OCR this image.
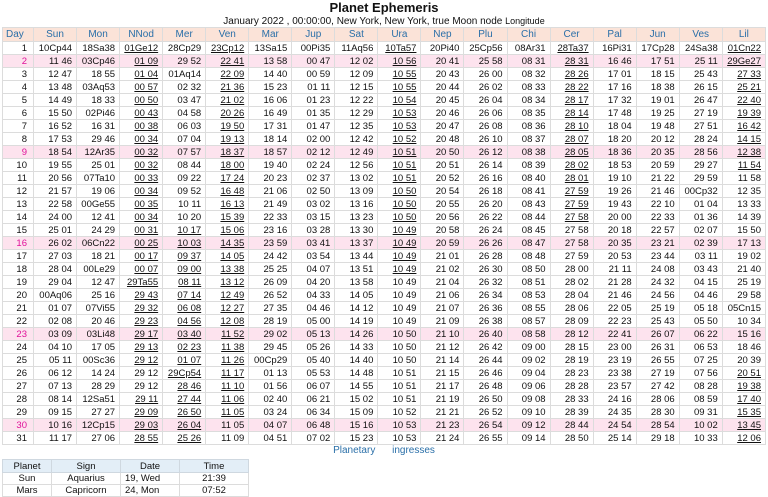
Planet Ephemeris
January 2022 , 00:00:00, New York, New York, true Moon node Longitude
Day	Sun	Mon	NNod	Mer	Ven	Mar	Jup	Sat	Ura	Nep	Plu	Chi	Cer	Pal	Jun	Ves	Lil
1	10Cp44	18Sa38	01Ge12	28Cp29	23Cp12	13Sa15	00Pi35	11Aq56	10Ta57	20Pi40	25Cp56	08Ar31	28Ta37	16Pi31	17Cp28	24Sa38	01Cn22
2	11 46	03Cp46	01 09	29 52	22 41	13 58	00 47	12 02	10 56	20 41	25 58	08 31	28 31	16 46	17 51	25 11	29Ge27
3	12 47	18 55	01 04	01Aq14	22 09	14 40	00 59	12 09	10 55	20 43	26 00	08 32	28 26	17 01	18 15	25 43	27 33
4	13 48	03Aq53	00 57	02 32	21 36	15 23	01 11	12 15	10 55	20 44	26 02	08 33	28 22	17 16	18 38	26 15	25 21
5	14 49	18 33	00 50	03 47	21 02	16 06	01 23	12 22	10 54	20 45	26 04	08 34	28 17	17 32	19 01	26 47	22 40
6	15 50	02Pi46	00 43	04 58	20 26	16 49	01 35	12 29	10 53	20 46	26 06	08 35	28 14	17 48	19 25	27 19	19 39
7	16 52	16 31	00 38	06 03	19 50	17 31	01 47	12 35	10 53	20 47	26 08	08 36	28 10	18 04	19 48	27 51	16 42
8	17 53	29 46	00 34	07 04	19 13	18 14	02 00	12 42	10 52	20 48	26 10	08 37	28 07	18 20	20 12	28 24	14 15
9	18 54	12Ar35	00 32	07 57	18 37	18 57	02 12	12 49	10 51	20 50	26 12	08 38	28 05	18 36	20 35	28 56	12 38
10	19 55	25 01	00 32	08 44	18 00	19 40	02 24	12 56	10 51	20 51	26 14	08 39	28 02	18 53	20 59	29 27	11 54
11	20 56	07Ta10	00 33	09 22	17 24	20 23	02 37	13 02	10 51	20 52	26 16	08 40	28 01	19 10	21 22	29 59	11 58
12	21 57	19 06	00 34	09 52	16 48	21 06	02 50	13 09	10 50	20 54	26 18	08 41	27 59	19 26	21 46	00Cp32	12 35
13	22 58	00Ge55	00 35	10 11	16 13	21 49	03 02	13 16	10 50	20 55	26 20	08 43	27 59	19 43	22 10	01 04	13 33
14	24 00	12 41	00 34	10 20	15 39	22 33	03 15	13 23	10 50	20 56	26 22	08 44	27 58	20 00	22 33	01 36	14 39
15	25 01	24 29	00 31	10 17	15 06	23 16	03 28	13 30	10 49	20 58	26 24	08 45	27 58	20 18	22 57	02 07	15 50
16	26 02	06Cn22	00 25	10 03	14 35	23 59	03 41	13 37	10 49	20 59	26 26	08 47	27 58	20 35	23 21	02 39	17 13
17	27 03	18 21	00 17	09 37	14 05	24 42	03 54	13 44	10 49	21 01	26 28	08 48	27 59	20 53	23 44	03 11	19 02
18	28 04	00Le29	00 07	09 00	13 38	25 25	04 07	13 51	10 49	21 02	26 30	08 50	28 00	21 11	24 08	03 43	21 40
19	29 04	12 47	29Ta55	08 11	13 12	26 09	04 20	13 58	10 49	21 04	26 32	08 51	28 02	21 28	24 32	04 15	25 19
20	00Aq06	25 16	29 43	07 14	12 49	26 52	04 33	14 05	10 49	21 06	26 34	08 53	28 04	21 46	24 56	04 46	29 58
21	01 07	07Vi55	29 32	06 08	12 27	27 35	04 46	14 12	10 49	21 07	26 36	08 55	28 06	22 05	25 19	05 18	05Cn15
22	02 08	20 46	29 23	04 56	12 08	28 19	05 00	14 19	10 49	21 09	26 38	08 57	28 09	22 23	25 43	05 50	10 34
23	03 09	03Li48	29 17	03 40	11 52	29 02	05 13	14 26	10 50	21 10	26 40	08 58	28 12	22 41	26 07	06 22	15 16
24	04 10	17 05	29 13	02 23	11 38	29 45	05 26	14 33	10 50	21 12	26 42	09 00	28 15	23 00	26 31	06 53	18 46
25	05 11	00Sc36	29 12	01 07	11 26	00Cp29	05 40	14 40	10 50	21 14	26 44	09 02	28 19	23 19	26 55	07 25	20 39
26	06 12	14 24	29 12	29Cp54	11 17	01 13	05 53	14 48	10 51	21 15	26 46	09 04	28 23	23 38	27 19	07 56	20 51
27	07 13	28 29	29 12	28 46	11 10	01 56	06 07	14 55	10 51	21 17	26 48	09 06	28 28	23 57	27 42	08 28	19 38
28	08 14	12Sa51	29 11	27 44	11 06	02 40	06 21	15 02	10 51	21 19	26 50	09 08	28 33	24 16	28 06	08 59	17 40
29	09 15	27 27	29 09	26 50	11 05	03 24	06 34	15 09	10 52	21 21	26 52	09 10	28 39	24 35	28 30	09 31	15 35
30	10 16	12Cp15	29 03	26 04	11 05	04 07	06 48	15 16	10 53	21 23	26 54	09 12	28 44	24 54	28 54	10 02	13 45
31	11 17	27 06	28 55	25 26	11 09	04 51	07 02	15 23	10 53	21 24	26 55	09 14	28 50	25 14	29 18	10 33	12 06
Planetary ingresses
Planet	Sign	Date	Time
Sun	Aquarius	19, Wed	21:39
Mars	Capricorn	24, Mon	07:52
